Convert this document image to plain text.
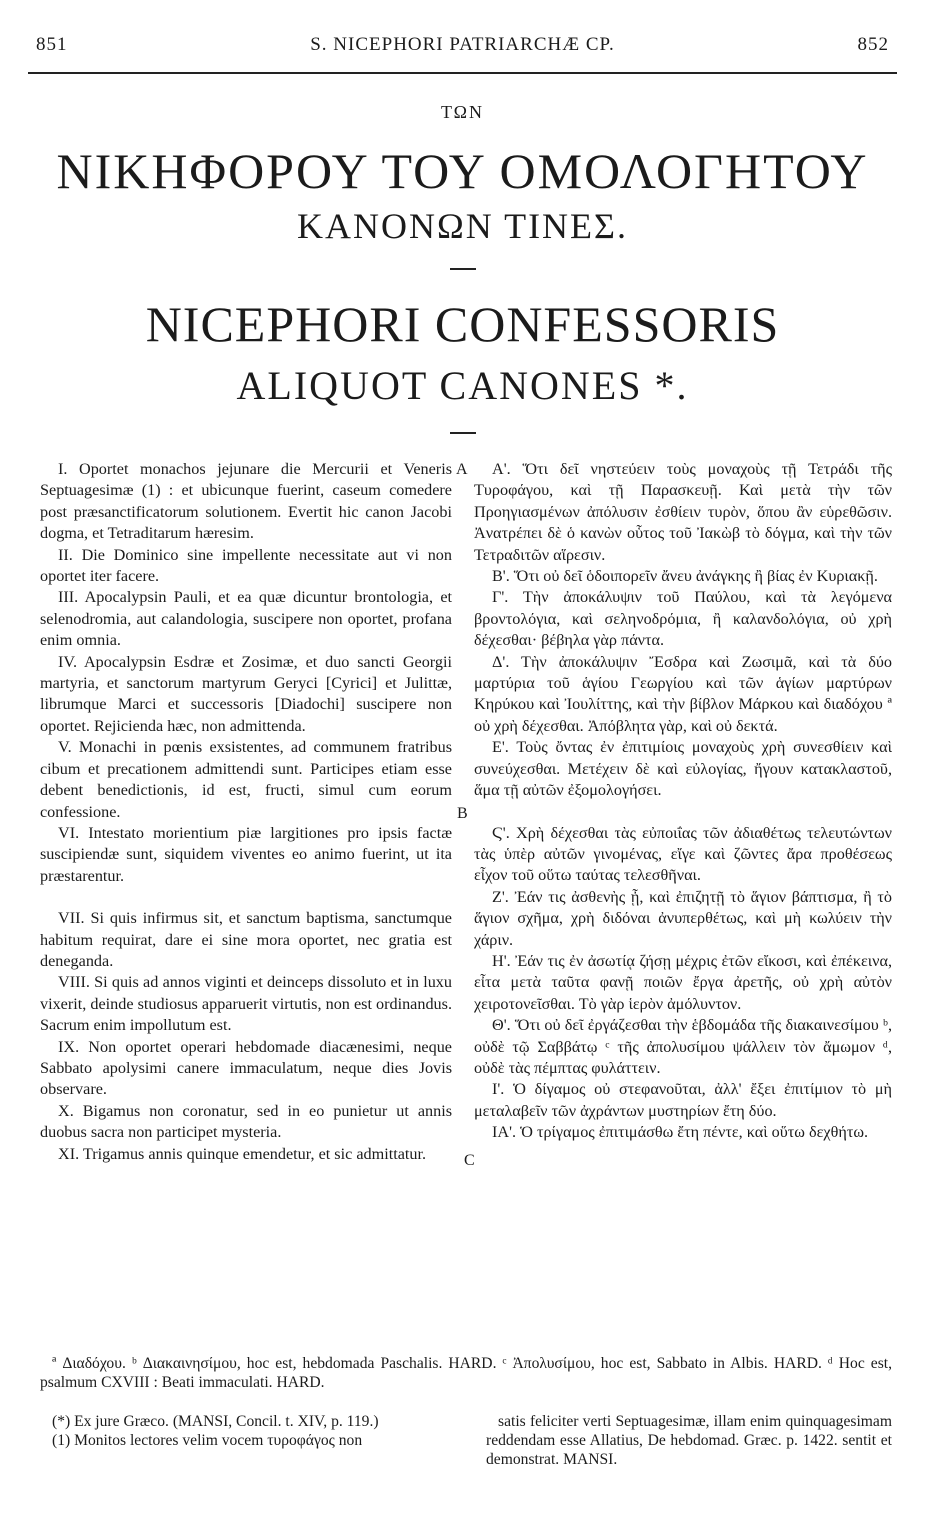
851	S. NICEPHORI PATRIARCHÆ CP.	852
ΤΩΝ
ΝΙΚΗΦΟΡΟΥ ΤΟΥ ΟΜΟΛΟΓΗΤΟΥ
ΚΑΝΟΝΩΝ ΤΙΝΕΣ.
NICEPHORI CONFESSORIS
ALIQUOT CANONES *.
A
B
C

I. Oportet monachos jejunare die Mercurii et Veneris Septuagesimæ (1) : et ubicunque fuerint, caseum comedere post præsanctificatorum solutionem. Evertit hic canon Jacobi dogma, et Tetraditarum hæresim.

II. Die Dominico sine impellente necessitate aut vi non oportet iter facere.

III. Apocalypsin Pauli, et ea quæ dicuntur brontologia, et selenodromia, aut calandologia, suscipere non oportet, profana enim omnia.

IV. Apocalypsin Esdræ et Zosimæ, et duo sancti Georgii martyria, et sanctorum martyrum Geryci [Cyrici] et Julittæ, librumque Marci et successoris [Diadochi] suscipere non oportet. Rejicienda hæc, non admittenda.

V. Monachi in pœnis exsistentes, ad communem fratribus cibum et precationem admittendi sunt. Participes etiam esse debent benedictionis, id est, fructi, simul cum eorum confessione.

VI. Intestato morientium piæ largitiones pro ipsis factæ suscipiendæ sunt, siquidem viventes eo animo fuerint, ut ita præstarentur.

VII. Si quis infirmus sit, et sanctum baptisma, sanctumque habitum requirat, dare ei sine mora oportet, nec gratia est deneganda.

VIII. Si quis ad annos viginti et deinceps dissoluto et in luxu vixerit, deinde studiosus apparuerit virtutis, non est ordinandus. Sacrum enim impollutum est.

IX. Non oportet operari hebdomade diacænesimi, neque Sabbato apolysimi canere immaculatum, neque dies Jovis observare.

X. Bigamus non coronatur, sed in eo punietur ut annis duobus sacra non participet mysteria.

XI. Trigamus annis quinque emendetur, et sic admittatur.

Α'. Ὅτι δεῖ νηστεύειν τοὺς μοναχοὺς τῇ Τετράδι τῆς Τυροφάγου, καὶ τῇ Παρασκευῇ. Καὶ μετὰ τὴν τῶν Προηγιασμένων ἀπόλυσιν ἐσθίειν τυρὸν, ὅπου ἂν εὑρεθῶσιν. Ἀνατρέπει δὲ ὁ κανὼν οὗτος τοῦ Ἰακὼβ τὸ δόγμα, καὶ τὴν τῶν Τετραδιτῶν αἵρεσιν.

Β'. Ὅτι οὐ δεῖ ὁδοιπορεῖν ἄνευ ἀνάγκης ἢ βίας ἐν Κυριακῇ.

Γ'. Τὴν ἀποκάλυψιν τοῦ Παύλου, καὶ τὰ λεγόμενα βροντολόγια, καὶ σεληνοδρόμια, ἢ καλανδολόγια, οὐ χρὴ δέχεσθαι· βέβηλα γὰρ πάντα.

Δ'. Τὴν ἀποκάλυψιν Ἔσδρα καὶ Ζωσιμᾶ, καὶ τὰ δύο μαρτύρια τοῦ ἁγίου Γεωργίου καὶ τῶν ἁγίων μαρτύρων Κηρύκου καὶ Ἰουλίττης, καὶ τὴν βίβλον Μάρκου καὶ διαδόχου ª οὐ χρὴ δέχεσθαι. Ἀπόβλητα γὰρ, καὶ οὐ δεκτά.

Ε'. Τοὺς ὄντας ἐν ἐπιτιμίοις μοναχοὺς χρὴ συνεσθίειν καὶ συνεύχεσθαι. Μετέχειν δὲ καὶ εὐλογίας, ἤγουν κατακλαστοῦ, ἅμα τῇ αὐτῶν ἐξομολογήσει.

Ϛ'. Χρὴ δέχεσθαι τὰς εὐποιΐας τῶν ἀδιαθέτως τελευτώντων τὰς ὑπὲρ αὐτῶν γινομένας, εἴγε καὶ ζῶντες ἄρα προθέσεως εἶχον τοῦ οὕτω ταύτας τελεσθῆναι.

Ζ'. Ἐάν τις ἀσθενὴς ᾖ, καὶ ἐπιζητῇ τὸ ἅγιον βάπτισμα, ἢ τὸ ἅγιον σχῆμα, χρὴ διδόναι ἀνυπερθέτως, καὶ μὴ κωλύειν τὴν χάριν.

Η'. Ἐάν τις ἐν ἀσωτίᾳ ζήσῃ μέχρις ἐτῶν εἴκοσι, καὶ ἐπέκεινα, εἶτα μετὰ ταῦτα φανῇ ποιῶν ἔργα ἀρετῆς, οὐ χρὴ αὐτὸν χειροτονεῖσθαι. Τὸ γὰρ ἱερὸν ἀμόλυντον.

Θ'. Ὅτι οὐ δεῖ ἐργάζεσθαι τὴν ἑβδομάδα τῆς διακαινεσίμου ᵇ, οὐδὲ τῷ Σαββάτῳ ᶜ τῆς ἀπολυσίμου ψάλλειν τὸν ἄμωμον ᵈ, οὐδὲ τὰς πέμπτας φυλάττειν.

Ι'. Ὁ δίγαμος οὐ στεφανοῦται, ἀλλ' ἔξει ἐπιτίμιον τὸ μὴ μεταλαβεῖν τῶν ἀχράντων μυστηρίων ἔτη δύο.

ΙΑ'. Ὁ τρίγαμος ἐπιτιμάσθω ἔτη πέντε, καὶ οὕτω δεχθήτω.

ª Διαδόχου. ᵇ Διακαινησίμου, hoc est, hebdomada Paschalis. HARD. ᶜ Ἀπολυσίμου, hoc est, Sabbato in Albis. HARD. ᵈ Hoc est, psalmum CXVIII : Beati immaculati. HARD.

(*) Ex jure Græco. (MANSI, Concil. t. XIV, p. 119.)

(1) Monitos lectores velim vocem τυροφάγος non

satis feliciter verti Septuagesimæ, illam enim quinquagesimam reddendam esse Allatius, De hebdomad. Græc. p. 1422. sentit et demonstrat. MANSI.
